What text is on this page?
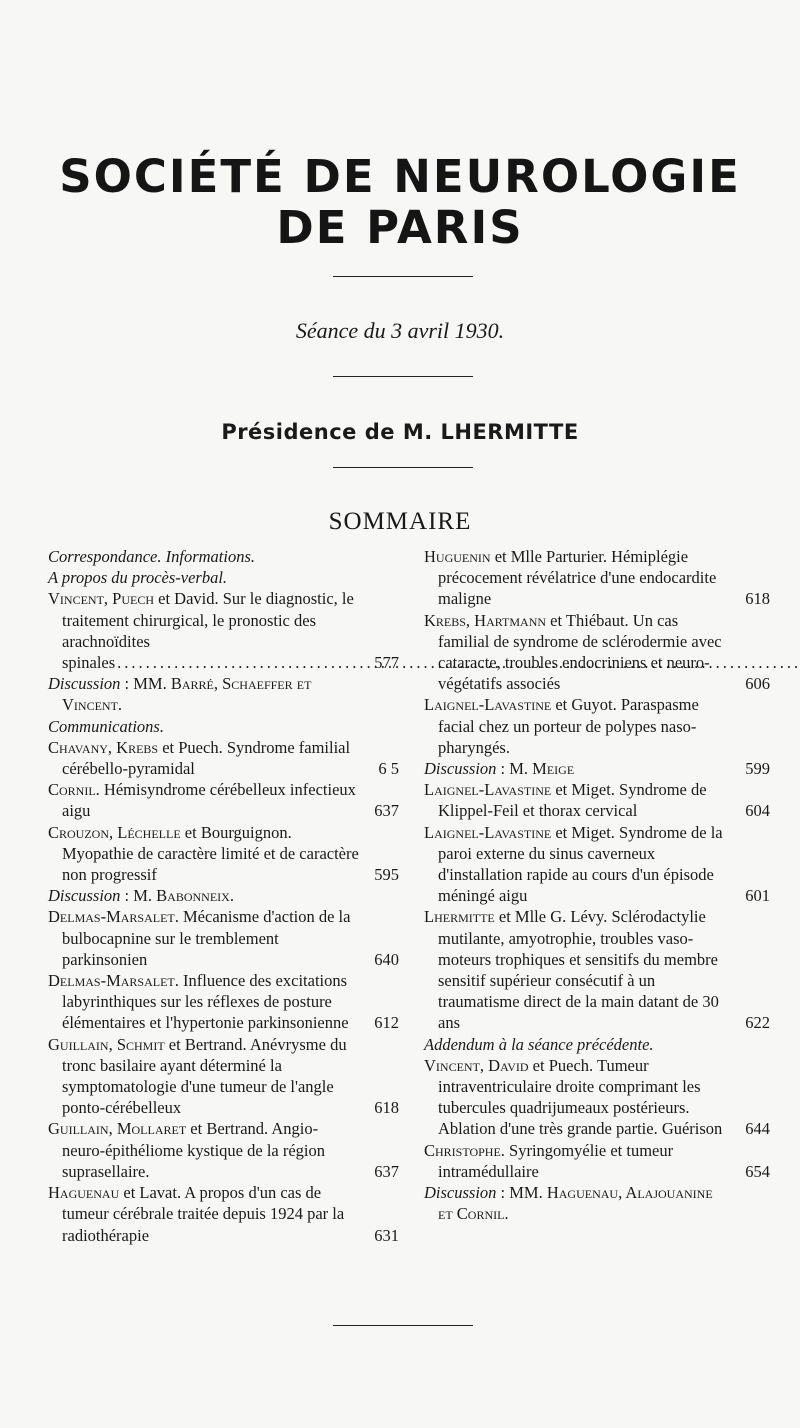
SOCIÉTÉ DE NEUROLOGIE
DE PARIS
Séance du 3 avril 1930.
Présidence de M. LHERMITTE
SOMMAIRE
Correspondance. Informations.
A propos du procès-verbal.
Vincent, Puech et David. Sur le diagnostic, le traitement chirurgical, le pronostic des arachnoïdites spinales .....	577
Discussion : MM. Barré, Schaeffer et Vincent.
Communications.
Chavany, Krebs et Puech. Syndrome familial cérébello-pyramidal	6 5
Cornil. Hémisyndrome cérébelleux infectieux aigu	637
Crouzon, Léchelle et Bourguignon. Myopathie de caractère limité et de caractère non progressif	595
Discussion : M. Babonneix.
Delmas-Marsalet. Mécanisme d'action de la bulbocapnine sur le tremblement parkinsonien	640
Delmas-Marsalet. Influence des excitations labyrinthiques sur les réflexes de posture élémentaires et l'hypertonie parkinsonienne	612
Guillain, Schmit et Bertrand. Anévrysme du tronc basilaire ayant déterminé la symptomatologie d'une tumeur de l'angle ponto-cérébelleux	618
Guillain, Mollaret et Bertrand. Angio-neuro-épithéliome kystique de la région suprasellaire.	637
Haguenau et Lavat. A propos d'un cas de tumeur cérébrale traitée depuis 1924 par la radiothérapie	631
Huguenin et Mlle Parturier. Hémiplégie précocement révélatrice d'une endocardite maligne	618
Krebs, Hartmann et Thiébaut. Un cas familial de syndrome de sclérodermie avec cataracte, troubles endocriniens et neuro-végétatifs associés	606
Laignel-Lavastine et Guyot. Paraspasme facial chez un porteur de polypes naso-pharyngés.
Discussion : M. Meige	599
Laignel-Lavastine et Miget. Syndrome de Klippel-Feil et thorax cervical	604
Laignel-Lavastine et Miget. Syndrome de la paroi externe du sinus caverneux d'installation rapide au cours d'un épisode méningé aigu	601
Lhermitte et Mlle G. Lévy. Sclérodactylie mutilante, amyotrophie, troubles vaso-moteurs trophiques et sensitifs du membre sensitif supérieur consécutif à un traumatisme direct de la main datant de 30 ans	622
Addendum à la séance précédente.
Vincent, David et Puech. Tumeur intraventriculaire droite comprimant les tubercules quadrijumeaux postérieurs. Ablation d'une très grande partie. Guérison	644
Christophe. Syringomyélie et tumeur intramédullaire	654
Discussion : MM. Haguenau, Alajouanine et Cornil.
